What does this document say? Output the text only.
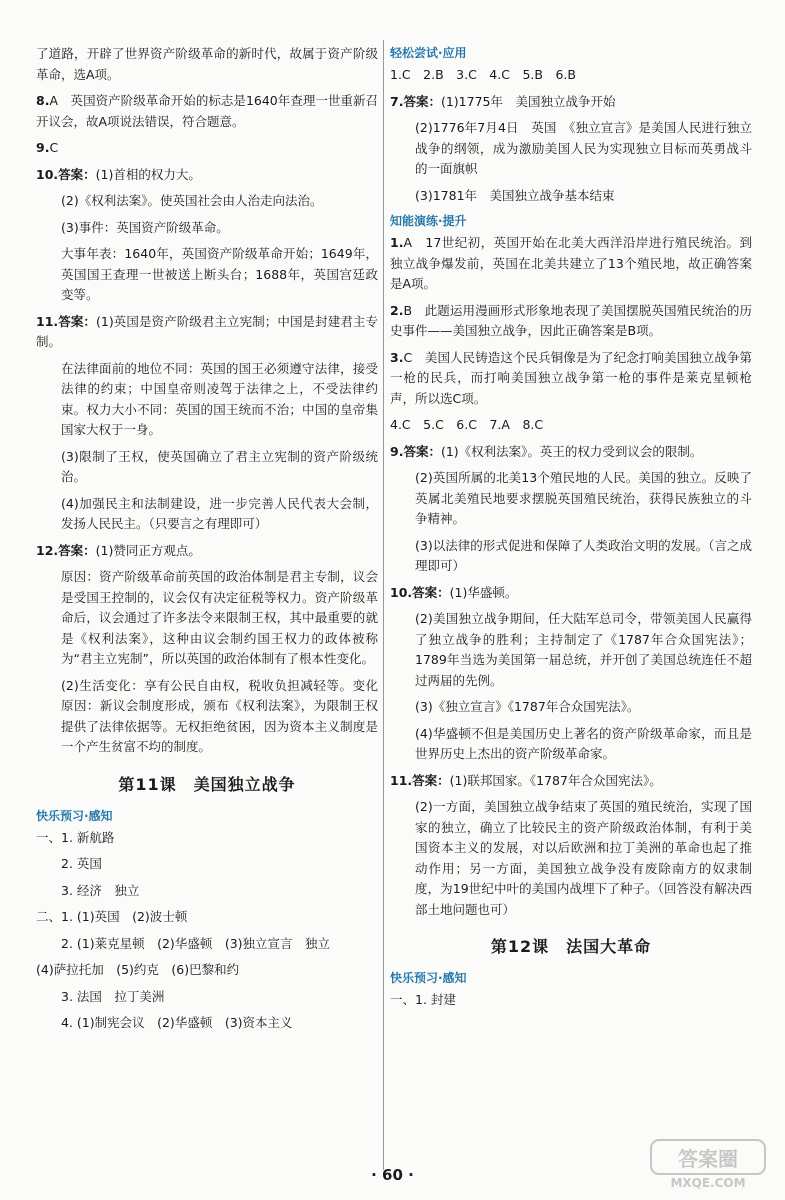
了道路，开辟了世界资产阶级革命的新时代，故属于资产阶级革命，选A项。

8.A　英国资产阶级革命开始的标志是1640年查理一世重新召开议会，故A项说法错误，符合题意。

9.C

10.答案：(1)首相的权力大。

(2)《权利法案》。使英国社会由人治走向法治。

(3)事件：英国资产阶级革命。

大事年表：1640年，英国资产阶级革命开始；1649年，英国国王查理一世被送上断头台；1688年，英国宫廷政变等。

11.答案：(1)英国是资产阶级君主立宪制；中国是封建君主专制。

在法律面前的地位不同：英国的国王必须遵守法律，接受法律的约束；中国皇帝则凌驾于法律之上，不受法律约束。权力大小不同：英国的国王统而不治；中国的皇帝集国家大权于一身。

(3)限制了王权，使英国确立了君主立宪制的资产阶级统治。

(4)加强民主和法制建设，进一步完善人民代表大会制，发扬人民民主。（只要言之有理即可）

12.答案：(1)赞同正方观点。

原因：资产阶级革命前英国的政治体制是君主专制，议会是受国王控制的，议会仅有决定征税等权力。资产阶级革命后，议会通过了许多法令来限制王权，其中最重要的就是《权利法案》，这种由议会制约国王权力的政体被称为“君主立宪制”，所以英国的政治体制有了根本性变化。

(2)生活变化：享有公民自由权，税收负担减轻等。变化原因：新议会制度形成，颁布《权利法案》，为限制王权提供了法律依据等。无权拒绝贫困，因为资本主义制度是一个产生贫富不均的制度。

第11课　美国独立战争
快乐预习·感知

一、1. 新航路

2. 英国

3. 经济　独立

二、1. (1)英国　(2)波士顿

2. (1)莱克星顿　(2)华盛顿　(3)独立宣言　独立

(4)萨拉托加　(5)约克　(6)巴黎和约

3. 法国　拉丁美洲

4. (1)制宪会议　(2)华盛顿　(3)资本主义

轻松尝试·应用

1.C　2.B　3.C　4.C　5.B　6.B

7.答案：(1)1775年　美国独立战争开始

(2)1776年7月4日　英国　《独立宣言》是美国人民进行独立战争的纲领，成为激励美国人民为实现独立目标而英勇战斗的一面旗帜

(3)1781年　美国独立战争基本结束

知能演练·提升

1.A　17世纪初，英国开始在北美大西洋沿岸进行殖民统治。到独立战争爆发前，英国在北美共建立了13个殖民地，故正确答案是A项。

2.B　此题运用漫画形式形象地表现了美国摆脱英国殖民统治的历史事件——美国独立战争，因此正确答案是B项。

3.C　美国人民铸造这个民兵铜像是为了纪念打响美国独立战争第一枪的民兵，而打响美国独立战争第一枪的事件是莱克星顿枪声，所以选C项。

4.C　5.C　6.C　7.A　8.C

9.答案：(1)《权利法案》。英王的权力受到议会的限制。

(2)英国所属的北美13个殖民地的人民。美国的独立。反映了英属北美殖民地要求摆脱英国殖民统治，获得民族独立的斗争精神。

(3)以法律的形式促进和保障了人类政治文明的发展。（言之成理即可）

10.答案：(1)华盛顿。

(2)美国独立战争期间，任大陆军总司令，带领美国人民赢得了独立战争的胜利；主持制定了《1787年合众国宪法》；1789年当选为美国第一届总统，并开创了美国总统连任不超过两届的先例。

(3)《独立宣言》《1787年合众国宪法》。

(4)华盛顿不但是美国历史上著名的资产阶级革命家，而且是世界历史上杰出的资产阶级革命家。

11.答案：(1)联邦国家。《1787年合众国宪法》。

(2)一方面，美国独立战争结束了英国的殖民统治，实现了国家的独立，确立了比较民主的资产阶级政治体制，有利于美国资本主义的发展，对以后欧洲和拉丁美洲的革命也起了推动作用；另一方面，美国独立战争没有废除南方的奴隶制度，为19世纪中叶的美国内战埋下了种子。（回答没有解决西部土地问题也可）

第12课　法国大革命
快乐预习·感知

一、1. 封建

· 60 ·
答案圈
MXQE.COM
